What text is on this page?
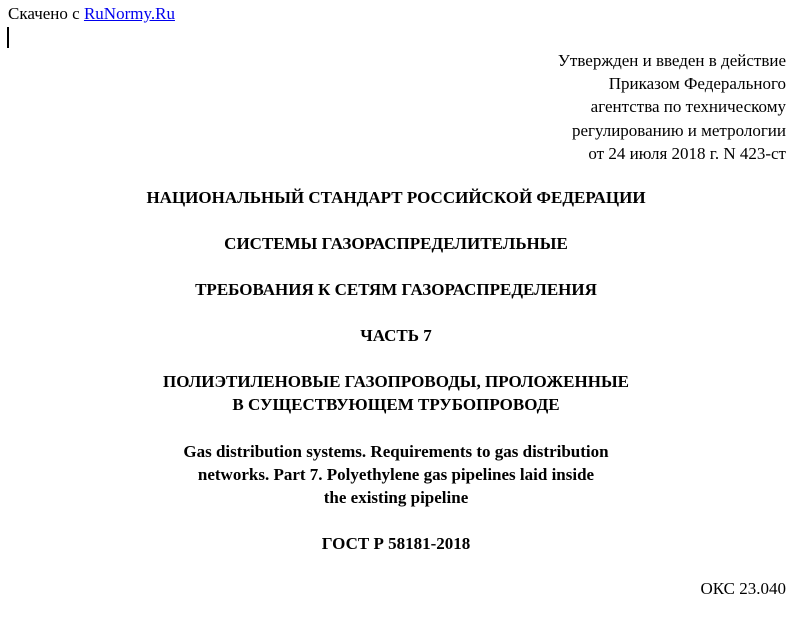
Скачено с RuNormy.Ru
Утвержден и введен в действие
Приказом Федерального
агентства по техническому
регулированию и метрологии
от 24 июля 2018 г. N 423-ст
НАЦИОНАЛЬНЫЙ СТАНДАРТ РОССИЙСКОЙ ФЕДЕРАЦИИ
СИСТЕМЫ ГАЗОРАСПРЕДЕЛИТЕЛЬНЫЕ
ТРЕБОВАНИЯ К СЕТЯМ ГАЗОРАСПРЕДЕЛЕНИЯ
ЧАСТЬ 7
ПОЛИЭТИЛЕНОВЫЕ ГАЗОПРОВОДЫ, ПРОЛОЖЕННЫЕ
В СУЩЕСТВУЮЩЕМ ТРУБОПРОВОДЕ
Gas distribution systems. Requirements to gas distribution
networks. Part 7. Polyethylene gas pipelines laid inside
the existing pipeline
ГОСТ Р 58181-2018
ОКС 23.040
